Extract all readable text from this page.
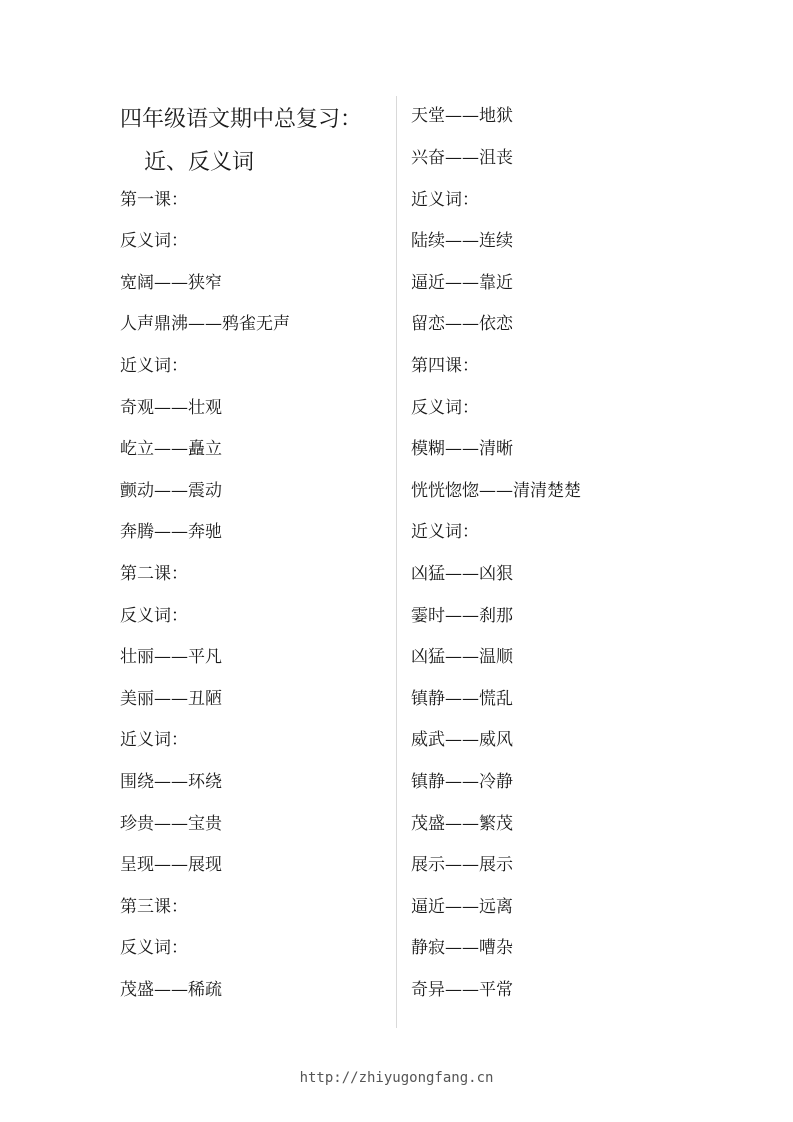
四年级语文期中总复习：
近、反义词
第一课：
反义词：
宽阔——狭窄
人声鼎沸——鸦雀无声
近义词：
奇观——壮观
屹立——矗立
颤动——震动
奔腾——奔驰
第二课：
反义词：
壮丽——平凡
美丽——丑陋
近义词：
围绕——环绕
珍贵——宝贵
呈现——展现
第三课：
反义词：
茂盛——稀疏
天堂——地狱
兴奋——沮丧
近义词：
陆续——连续
逼近——靠近
留恋——依恋
第四课：
反义词：
模糊——清晰
恍恍惚惚——清清楚楚
近义词：
凶猛——凶狠
霎时——刹那
凶猛——温顺
镇静——慌乱
威武——威风
镇静——冷静
茂盛——繁茂
展示——展示
逼近——远离
静寂——嘈杂
奇异——平常
http://zhiyugongfang.cn
